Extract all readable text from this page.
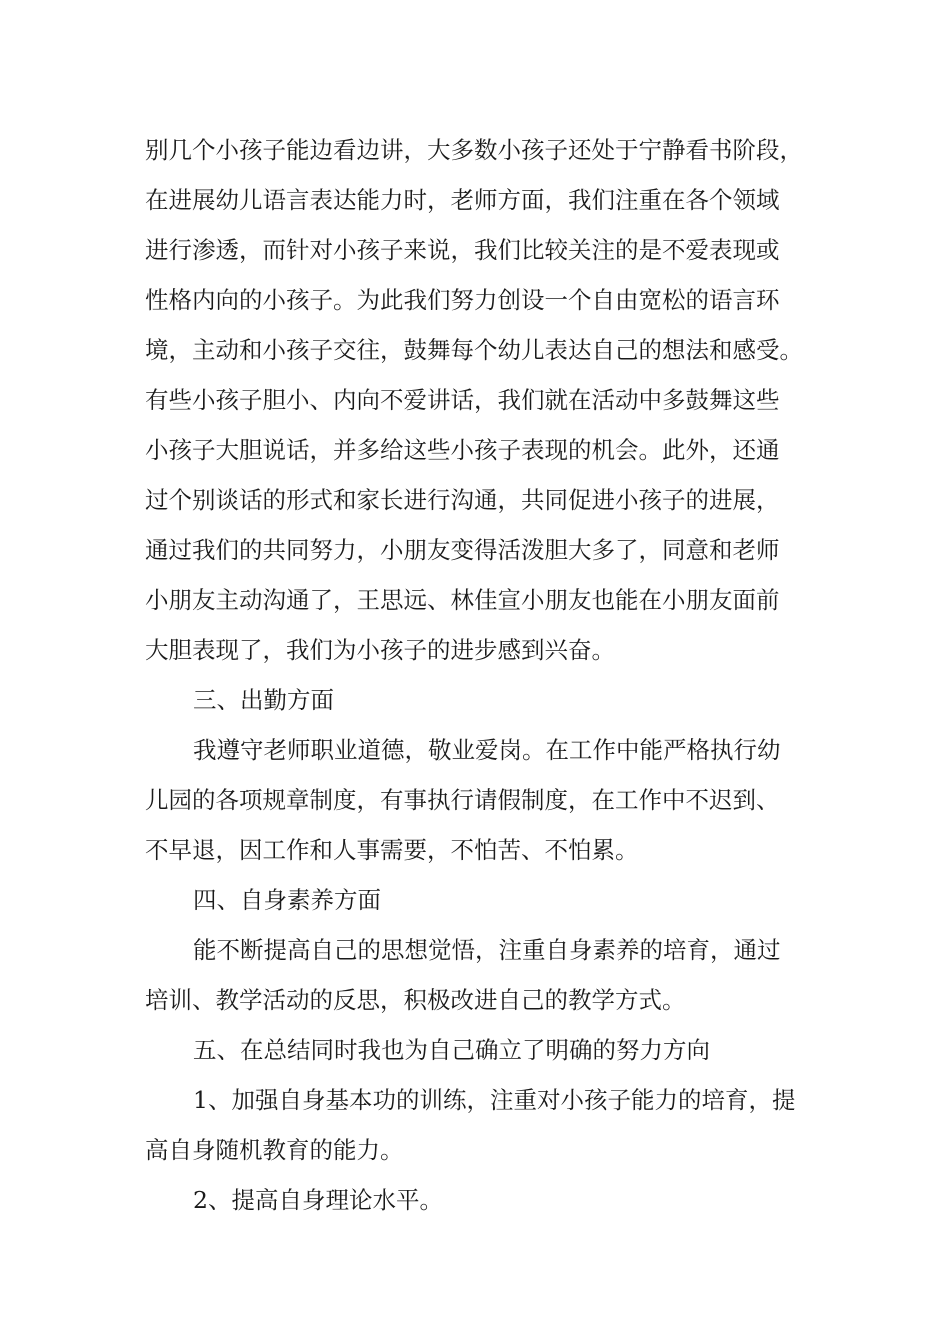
别几个小孩子能边看边讲，大多数小孩子还处于宁静看书阶段，
在进展幼儿语言表达能力时，老师方面，我们注重在各个领域
进行渗透，而针对小孩子来说，我们比较关注的是不爱表现或
性格内向的小孩子。为此我们努力创设一个自由宽松的语言环
境，主动和小孩子交往，鼓舞每个幼儿表达自己的想法和感受。
有些小孩子胆小、内向不爱讲话，我们就在活动中多鼓舞这些
小孩子大胆说话，并多给这些小孩子表现的机会。此外，还通
过个别谈话的形式和家长进行沟通，共同促进小孩子的进展，
通过我们的共同努力，小朋友变得活泼胆大多了，同意和老师
小朋友主动沟通了，王思远、林佳宣小朋友也能在小朋友面前
大胆表现了，我们为小孩子的进步感到兴奋。
三、出勤方面
我遵守老师职业道德，敬业爱岗。在工作中能严格执行幼
儿园的各项规章制度，有事执行请假制度，在工作中不迟到、
不早退，因工作和人事需要，不怕苦、不怕累。
四、自身素养方面
能不断提高自己的思想觉悟，注重自身素养的培育，通过
培训、教学活动的反思，积极改进自己的教学方式。
五、在总结同时我也为自己确立了明确的努力方向
1、加强自身基本功的训练，注重对小孩子能力的培育，提
高自身随机教育的能力。
2、提高自身理论水平。
